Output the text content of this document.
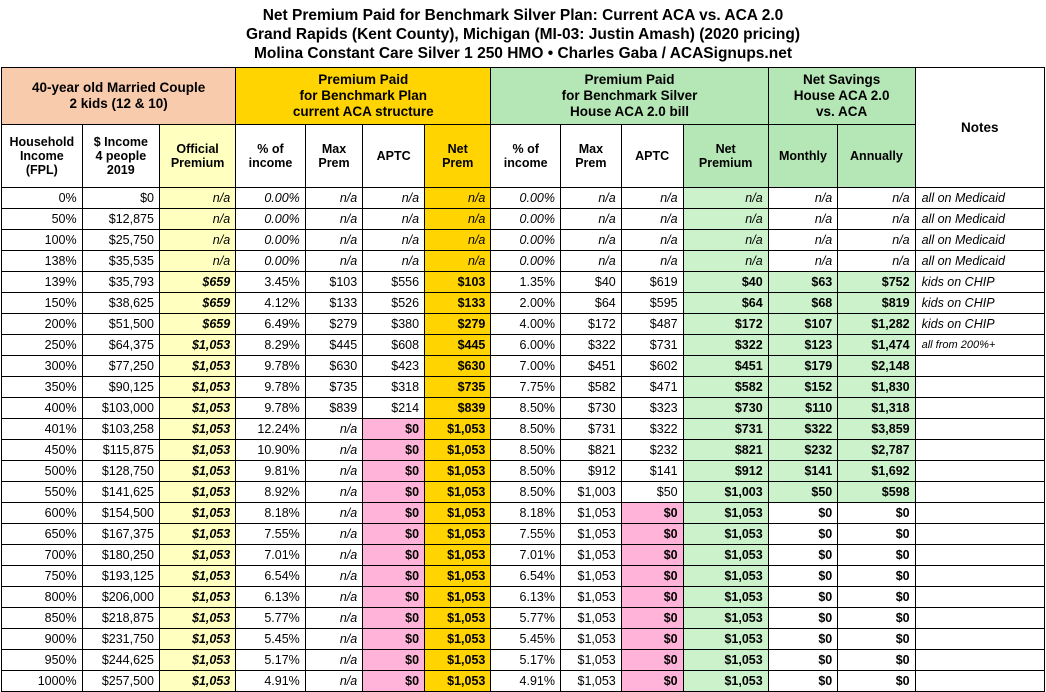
Net Premium Paid for Benchmark Silver Plan: Current ACA vs. ACA 2.0
Grand Rapids (Kent County), Michigan (MI-03: Justin Amash) (2020 pricing)
Molina Constant Care Silver 1 250 HMO • Charles Gaba / ACASignups.net
40-year old Married Couple
2 kids (12 & 10)			Premium Paid
for Benchmark Plan
current ACA structure				Premium Paid
for Benchmark Silver
House ACA 2.0 bill				Net Savings
House ACA 2.0
vs. ACA		Notes
Household
Income
(FPL)	$ Income
4 people
2019	Official
Premium	% of
income	Max
Prem	APTC	Net
Prem	% of
income	Max
Prem	APTC	Net
Premium	Monthly	Annually	
0%	$0	n/a	0.00%	n/a	n/a	n/a	0.00%	n/a	n/a	n/a	n/a	n/a	all on Medicaid
50%	$12,875	n/a	0.00%	n/a	n/a	n/a	0.00%	n/a	n/a	n/a	n/a	n/a	all on Medicaid
100%	$25,750	n/a	0.00%	n/a	n/a	n/a	0.00%	n/a	n/a	n/a	n/a	n/a	all on Medicaid
138%	$35,535	n/a	0.00%	n/a	n/a	n/a	0.00%	n/a	n/a	n/a	n/a	n/a	all on Medicaid
139%	$35,793	$659	3.45%	$103	$556	$103	1.35%	$40	$619	$40	$63	$752	kids on CHIP
150%	$38,625	$659	4.12%	$133	$526	$133	2.00%	$64	$595	$64	$68	$819	kids on CHIP
200%	$51,500	$659	6.49%	$279	$380	$279	4.00%	$172	$487	$172	$107	$1,282	kids on CHIP
250%	$64,375	$1,053	8.29%	$445	$608	$445	6.00%	$322	$731	$322	$123	$1,474	all from 200%+
300%	$77,250	$1,053	9.78%	$630	$423	$630	7.00%	$451	$602	$451	$179	$2,148	
350%	$90,125	$1,053	9.78%	$735	$318	$735	7.75%	$582	$471	$582	$152	$1,830	
400%	$103,000	$1,053	9.78%	$839	$214	$839	8.50%	$730	$323	$730	$110	$1,318	
401%	$103,258	$1,053	12.24%	n/a	$0	$1,053	8.50%	$731	$322	$731	$322	$3,859	
450%	$115,875	$1,053	10.90%	n/a	$0	$1,053	8.50%	$821	$232	$821	$232	$2,787	
500%	$128,750	$1,053	9.81%	n/a	$0	$1,053	8.50%	$912	$141	$912	$141	$1,692	
550%	$141,625	$1,053	8.92%	n/a	$0	$1,053	8.50%	$1,003	$50	$1,003	$50	$598	
600%	$154,500	$1,053	8.18%	n/a	$0	$1,053	8.18%	$1,053	$0	$1,053	$0	$0	
650%	$167,375	$1,053	7.55%	n/a	$0	$1,053	7.55%	$1,053	$0	$1,053	$0	$0	
700%	$180,250	$1,053	7.01%	n/a	$0	$1,053	7.01%	$1,053	$0	$1,053	$0	$0	
750%	$193,125	$1,053	6.54%	n/a	$0	$1,053	6.54%	$1,053	$0	$1,053	$0	$0	
800%	$206,000	$1,053	6.13%	n/a	$0	$1,053	6.13%	$1,053	$0	$1,053	$0	$0	
850%	$218,875	$1,053	5.77%	n/a	$0	$1,053	5.77%	$1,053	$0	$1,053	$0	$0	
900%	$231,750	$1,053	5.45%	n/a	$0	$1,053	5.45%	$1,053	$0	$1,053	$0	$0	
950%	$244,625	$1,053	5.17%	n/a	$0	$1,053	5.17%	$1,053	$0	$1,053	$0	$0	
1000%	$257,500	$1,053	4.91%	n/a	$0	$1,053	4.91%	$1,053	$0	$1,053	$0	$0	
